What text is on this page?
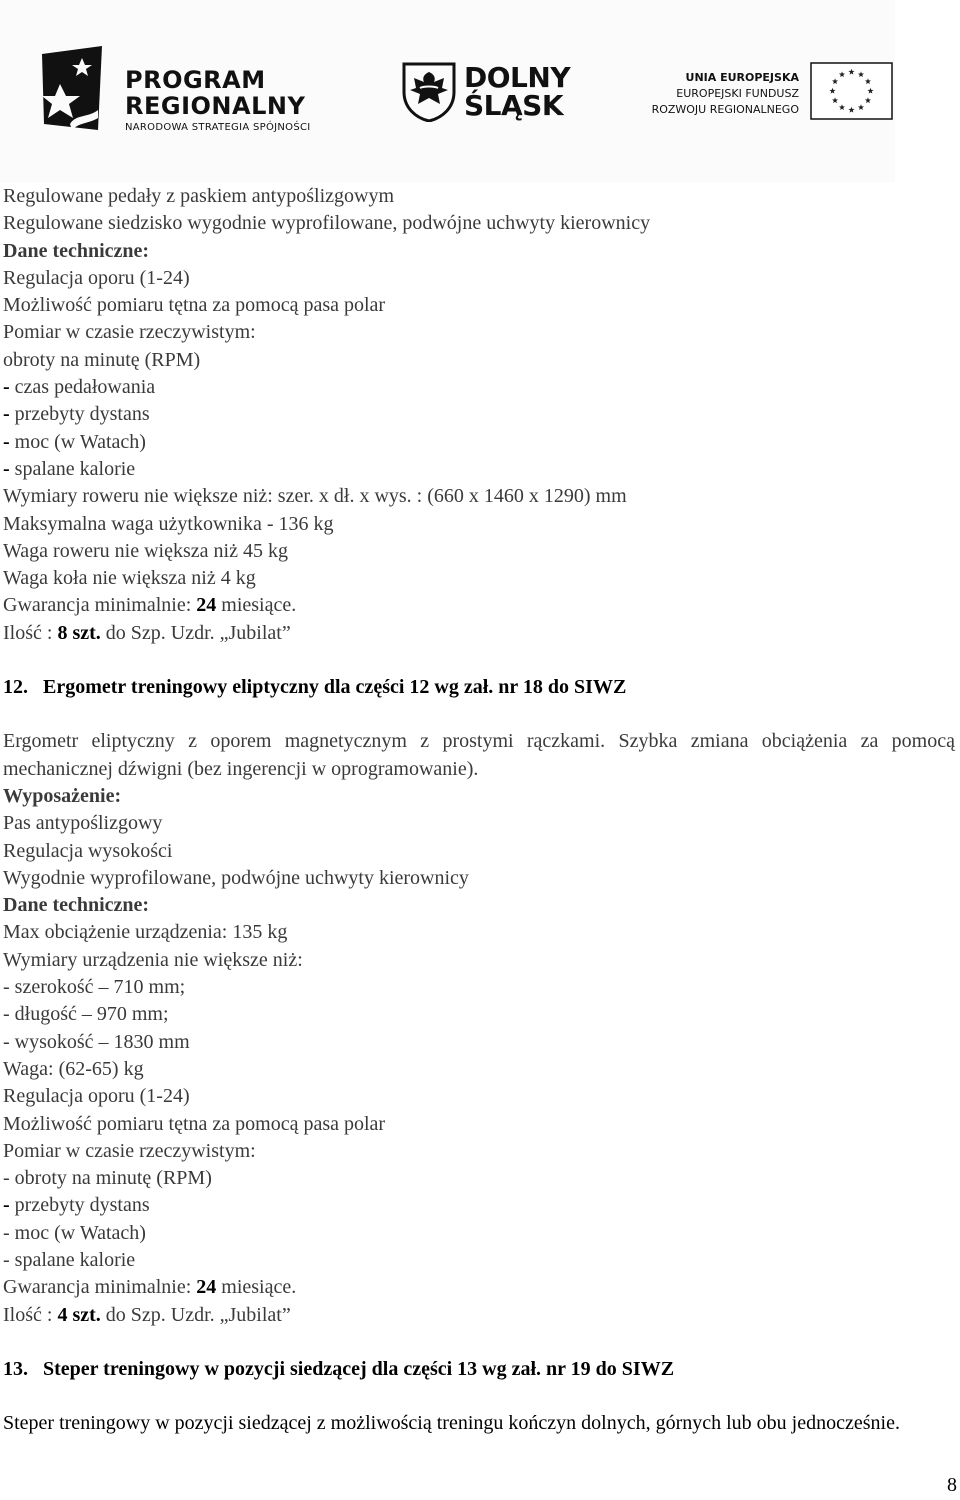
PROGRAM
REGIONALNY
NARODOWA STRATEGIA SPÓJNOŚCI
DOLNY
ŚLĄSK
UNIA EUROPEJSKA
EUROPEJSKI FUNDUSZ
ROZWOJU REGIONALNEGO
Regulowane pedały z paskiem antypoślizgowym
Regulowane siedzisko wygodnie wyprofilowane, podwójne uchwyty kierownicy
Dane techniczne:
Regulacja oporu (1-24)
Możliwość pomiaru tętna za pomocą pasa polar
Pomiar w czasie rzeczywistym:
obroty na minutę (RPM)
- czas pedałowania
- przebyty dystans
- moc (w Watach)
- spalane kalorie
Wymiary roweru nie większe niż: szer. x dł. x wys. : (660 x 1460 x 1290) mm
Maksymalna waga użytkownika - 136 kg
Waga roweru nie większa niż 45 kg
Waga koła nie większa niż 4 kg
Gwarancja minimalnie: 24 miesiące.
Ilość : 8 szt. do Szp. Uzdr. „Jubilat”
12. Ergometr treningowy eliptyczny dla części 12 wg zał. nr 18 do SIWZ
Ergometr eliptyczny z oporem magnetycznym z prostymi rączkami. Szybka zmiana obciążenia za pomocą mechanicznej dźwigni (bez ingerencji w oprogramowanie).
Wyposażenie:
Pas antypoślizgowy
Regulacja wysokości
Wygodnie wyprofilowane, podwójne uchwyty kierownicy
Dane techniczne:
Max obciążenie urządzenia: 135 kg
Wymiary urządzenia nie większe niż:
- szerokość – 710 mm;
- długość – 970 mm;
- wysokość – 1830 mm
Waga: (62-65) kg
Regulacja oporu (1-24)
Możliwość pomiaru tętna za pomocą pasa polar
Pomiar w czasie rzeczywistym:
- obroty na minutę (RPM)
- przebyty dystans
- moc (w Watach)
- spalane kalorie
Gwarancja minimalnie: 24 miesiące.
Ilość : 4 szt. do Szp. Uzdr. „Jubilat”
13. Steper treningowy w pozycji siedzącej dla części 13 wg zał. nr 19 do SIWZ
Steper treningowy w pozycji siedzącej z możliwością treningu kończyn dolnych, górnych lub obu jednocześnie.
8
